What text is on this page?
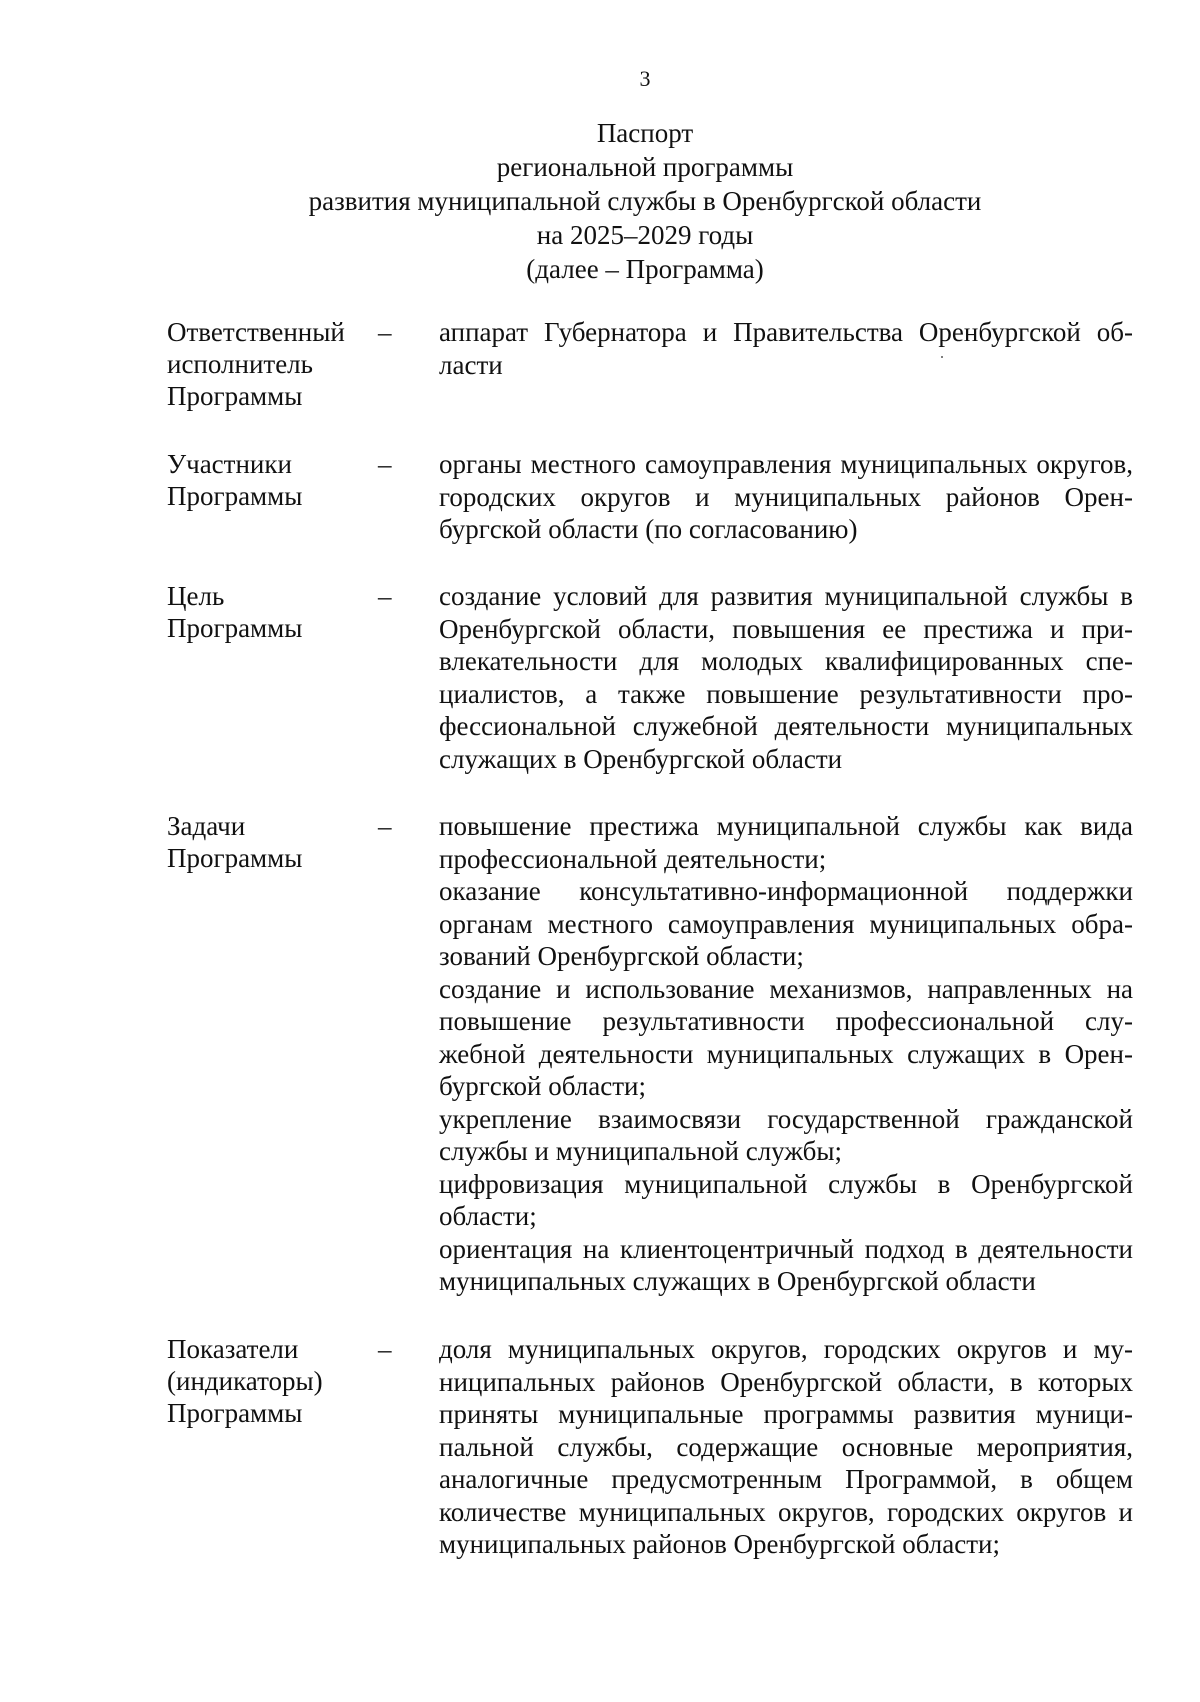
3
Паспорт
региональной программы
развития муниципальной службы в Оренбургской области
на 2025–2029 годы
(далее – Программа)
Ответственный
исполнитель
Программы
– аппарат Губернатора и Правительства Оренбургской области
Участники
Программы
– органы местного самоуправления муниципальных округов, городских округов и муниципальных районов Оренбургской области (по согласованию)
Цель
Программы
– создание условий для развития муниципальной службы в Оренбургской области, повышения ее престижа и привлекательности для молодых квалифицированных специалистов, а также повышение результативности профессиональной служебной деятельности муниципальных служащих в Оренбургской области
Задачи
Программы
– повышение престижа муниципальной службы как вида профессиональной деятельности;
оказание консультативно-информационной поддержки органам местного самоуправления муниципальных образований Оренбургской области;
создание и использование механизмов, направленных на повышение результативности профессиональной служебной деятельности муниципальных служащих в Оренбургской области;
укрепление взаимосвязи государственной гражданской службы и муниципальной службы;
цифровизация муниципальной службы в Оренбургской области;
ориентация на клиентоцентричный подход в деятельности муниципальных служащих в Оренбургской области
Показатели
(индикаторы)
Программы
– доля муниципальных округов, городских округов и муниципальных районов Оренбургской области, в которых приняты муниципальные программы развития муниципальной службы, содержащие основные мероприятия, аналогичные предусмотренным Программой, в общем количестве муниципальных округов, городских округов и муниципальных районов Оренбургской области;
